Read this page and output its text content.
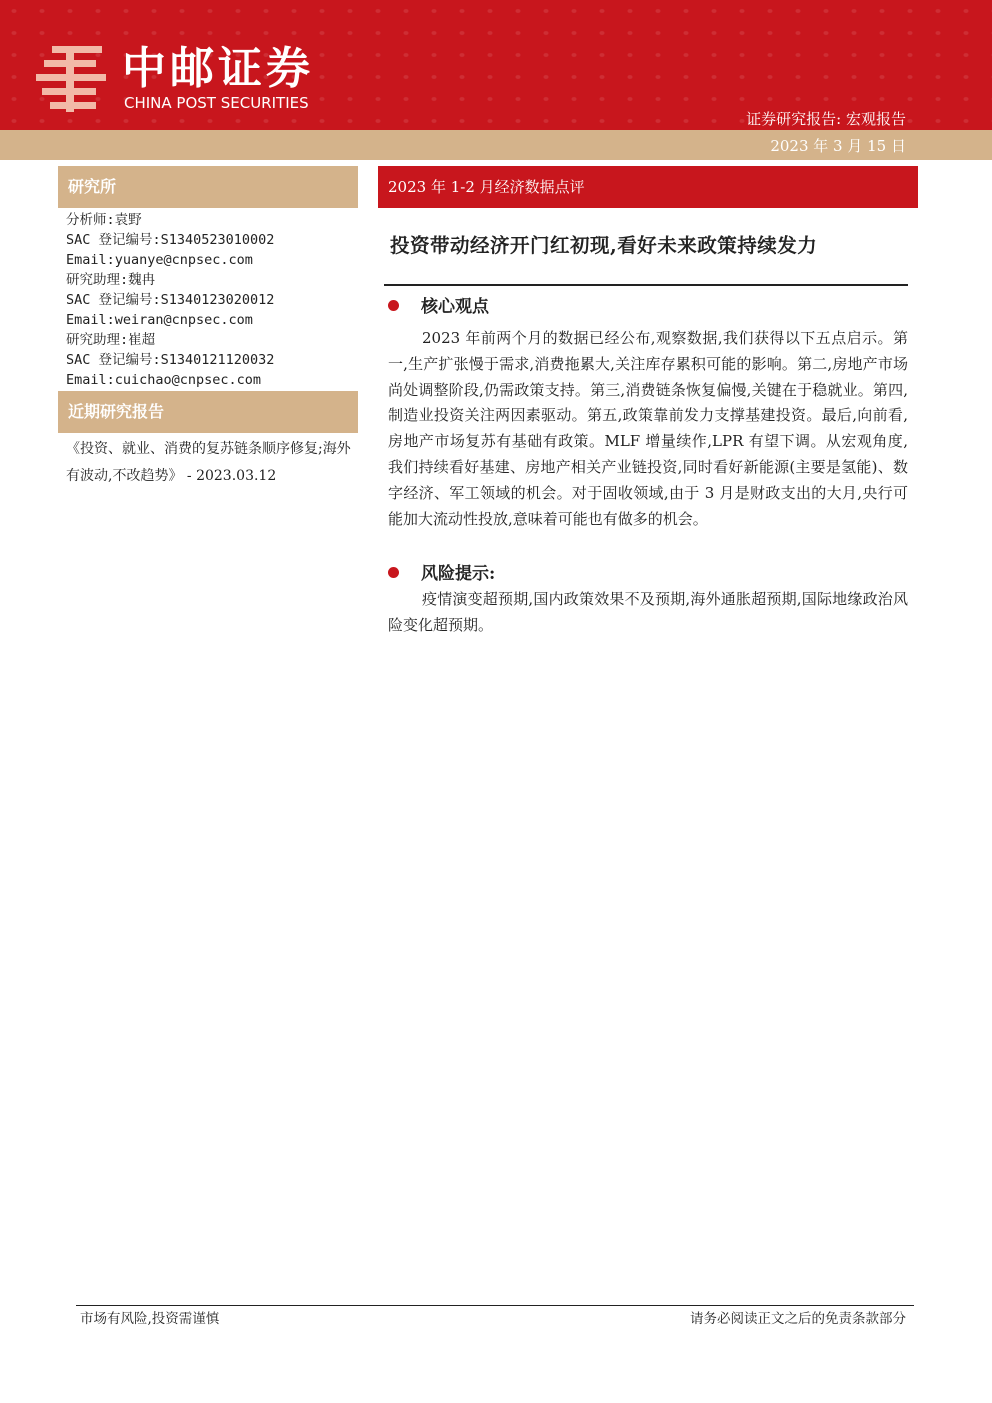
中邮证券
CHINA POST SECURITIES
证券研究报告: 宏观报告
2023 年 3 月 15 日
研究所
分析师:袁野
SAC 登记编号:S1340523010002
Email:yuanye@cnpsec.com
研究助理:魏冉
SAC 登记编号:S1340123020012
Email:weiran@cnpsec.com
研究助理:崔超
SAC 登记编号:S1340121120032
Email:cuichao@cnpsec.com
近期研究报告
《投资、就业、消费的复苏链条顺序修复;海外有波动,不改趋势》 - 2023.03.12
2023 年 1-2 月经济数据点评
投资带动经济开门红初现,看好未来政策持续发力
核心观点
2023 年前两个月的数据已经公布,观察数据,我们获得以下五点启示。第一,生产扩张慢于需求,消费拖累大,关注库存累积可能的影响。第二,房地产市场尚处调整阶段,仍需政策支持。第三,消费链条恢复偏慢,关键在于稳就业。第四,制造业投资关注两因素驱动。第五,政策靠前发力支撑基建投资。最后,向前看,房地产市场复苏有基础有政策。MLF 增量续作,LPR 有望下调。从宏观角度,我们持续看好基建、房地产相关产业链投资,同时看好新能源(主要是氢能)、数字经济、军工领域的机会。对于固收领域,由于 3 月是财政支出的大月,央行可能加大流动性投放,意味着可能也有做多的机会。
风险提示:
疫情演变超预期,国内政策效果不及预期,海外通胀超预期,国际地缘政治风险变化超预期。
市场有风险,投资需谨慎	请务必阅读正文之后的免责条款部分
